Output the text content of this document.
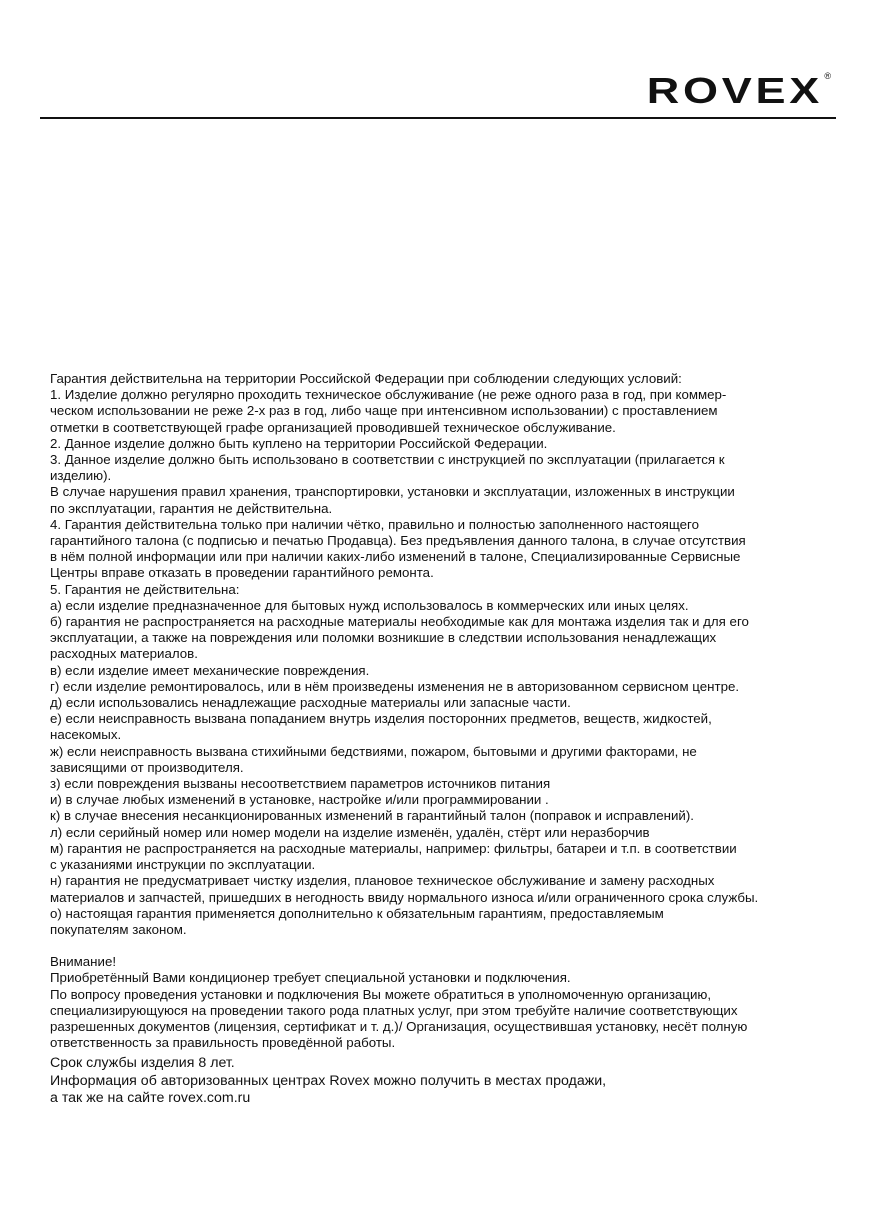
ROVEX ®

Гарантия действительна на территории Российской Федерации при соблюдении следующих условий:

1. Изделие должно регулярно проходить техническое обслуживание (не реже одного раза в год, при коммер-

ческом использовании не реже 2-х раз в год, либо чаще при интенсивном использовании) с проставлением

отметки в соответствующей графе организацией проводившей техническое обслуживание.

2. Данное изделие должно быть куплено на территории Российской Федерации.

3. Данное изделие должно быть использовано в соответствии с инструкцией по эксплуатации (прилагается к

изделию).

В случае нарушения правил хранения, транспортировки, установки и эксплуатации, изложенных в инструкции

по эксплуатации, гарантия не действительна.

4. Гарантия действительна только при наличии чётко, правильно и полностью заполненного настоящего

гарантийного талона (с подписью и печатью Продавца). Без предъявления данного талона, в случае отсутствия

в нём полной информации или при наличии каких-либо изменений в талоне, Специализированные Сервисные

Центры вправе отказать в проведении гарантийного ремонта.

5. Гарантия не действительна:

а) если изделие предназначенное для бытовых нужд использовалось в коммерческих или иных целях.

б) гарантия не распространяется на расходные материалы необходимые как для монтажа изделия так и для его

эксплуатации, а также на повреждения или поломки возникшие в следствии использования ненадлежащих

расходных материалов.

в) если изделие имеет механические повреждения.

г) если изделие ремонтировалось, или в нём произведены изменения не в авторизованном сервисном центре.

д) если использовались ненадлежащие расходные материалы или запасные части.

е) если неисправность вызвана попаданием внутрь изделия посторонних предметов, веществ, жидкостей,

насекомых.

ж) если неисправность вызвана стихийными бедствиями, пожаром, бытовыми и другими факторами, не

зависящими от производителя.

з) если повреждения вызваны несоответствием параметров источников питания

и) в случае любых изменений в установке, настройке и/или программировании .

к) в случае внесения несанкционированных изменений в гарантийный талон (поправок и исправлений).

л) если серийный номер или номер модели на изделие изменён, удалён, стёрт или неразборчив

м) гарантия не распространяется на расходные материалы, например: фильтры, батареи и т.п. в соответствии

с указаниями инструкции по эксплуатации.

н) гарантия не предусматривает чистку изделия, плановое техническое обслуживание и замену расходных

материалов и запчастей, пришедших в негодность ввиду нормального износа и/или ограниченного срока службы.

о) настоящая гарантия применяется дополнительно к обязательным гарантиям, предоставляемым

покупателям законом.

Внимание!

Приобретённый Вами кондиционер требует специальной установки и подключения.

По вопросу проведения установки и подключения Вы можете обратиться в уполномоченную организацию,

специализирующуюся на проведении такого рода платных услуг, при этом требуйте наличие соответствующих

разрешенных документов (лицензия, сертификат и т. д.)/ Организация, осуществившая установку, несёт полную

ответственность за правильность проведённой работы.

Срок службы изделия 8 лет.

Информация об авторизованных центрах Rovex можно получить в местах продажи,

а так же на сайте rovex.com.ru
